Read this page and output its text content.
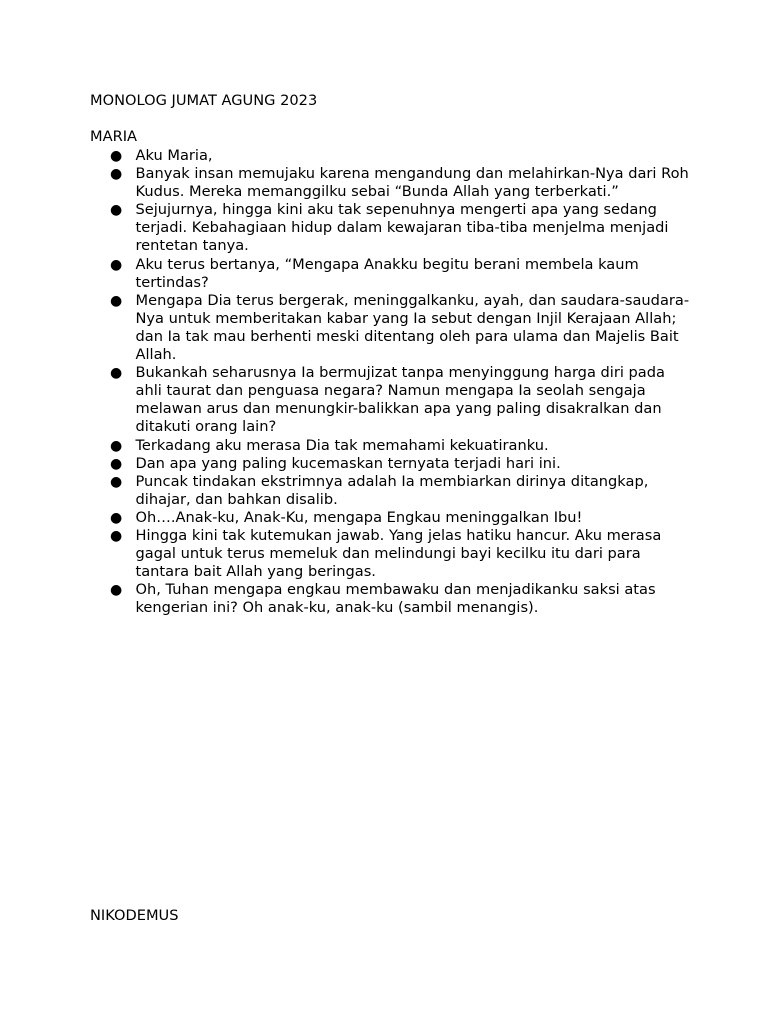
MONOLOG JUMAT AGUNG 2023
MARIA
● Aku Maria,
● Banyak insan memujaku karena mengandung dan melahirkan-Nya dari Roh Kudus. Mereka memanggilku sebai “Bunda Allah yang terberkati.”
● Sejujurnya, hingga kini aku tak sepenuhnya mengerti apa yang sedang terjadi. Kebahagiaan hidup dalam kewajaran tiba-tiba menjelma menjadi rentetan tanya.
● Aku terus bertanya, “Mengapa Anakku begitu berani membela kaum tertindas?
● Mengapa Dia terus bergerak, meninggalkanku, ayah, dan saudara-saudara-Nya untuk memberitakan kabar yang Ia sebut dengan Injil Kerajaan Allah; dan Ia tak mau berhenti meski ditentang oleh para ulama dan Majelis Bait Allah.
● Bukankah seharusnya Ia bermujizat tanpa menyinggung harga diri pada ahli taurat dan penguasa negara? Namun mengapa Ia seolah sengaja melawan arus dan menungkir-balikkan apa yang paling disakralkan dan ditakuti orang lain?
● Terkadang aku merasa Dia tak memahami kekuatiranku.
● Dan apa yang paling kucemaskan ternyata terjadi hari ini.
● Puncak tindakan ekstrimnya adalah Ia membiarkan dirinya ditangkap, dihajar, dan bahkan disalib.
● Oh….Anak-ku, Anak-Ku, mengapa Engkau meninggalkan Ibu!
● Hingga kini tak kutemukan jawab. Yang jelas hatiku hancur. Aku merasa gagal untuk terus memeluk dan melindungi bayi kecilku itu dari para tantara bait Allah yang beringas.
● Oh, Tuhan mengapa engkau membawaku dan menjadikanku saksi atas kengerian ini? Oh anak-ku, anak-ku (sambil menangis).
NIKODEMUS
